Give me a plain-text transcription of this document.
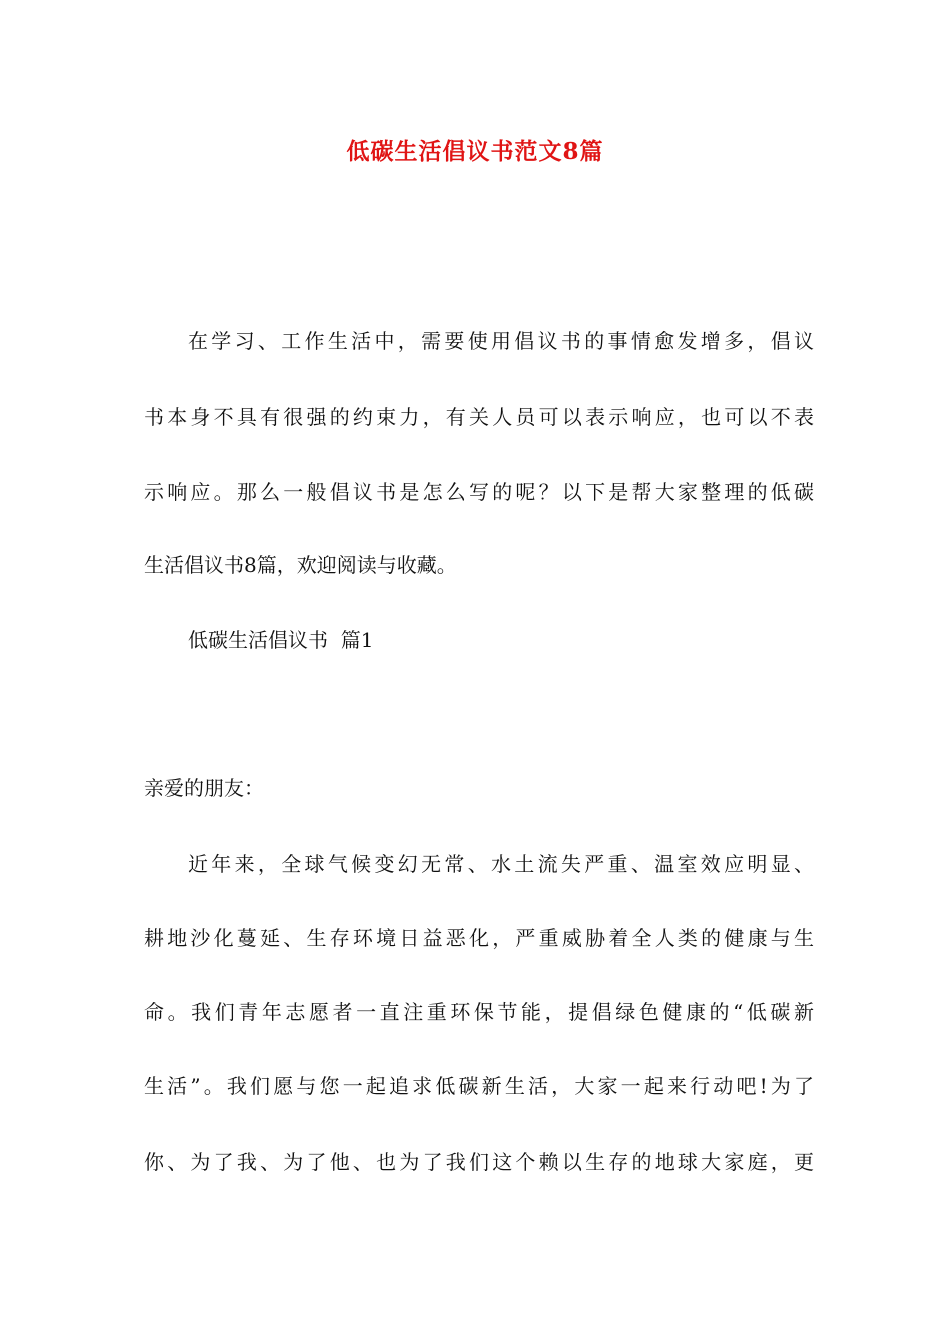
低碳生活倡议书范文8篇
在学习、工作生活中，需要使用倡议书的事情愈发增多，倡议
书本身不具有很强的约束力，有关人员可以表示响应，也可以不表
示响应。那么一般倡议书是怎么写的呢？以下是帮大家整理的低碳
生活倡议书8篇，欢迎阅读与收藏。
低碳生活倡议书  篇1
亲爱的朋友：
近年来，全球气候变幻无常、水土流失严重、温室效应明显、
耕地沙化蔓延、生存环境日益恶化，严重威胁着全人类的健康与生
命。我们青年志愿者一直注重环保节能，提倡绿色健康的“低碳新
生活”。我们愿与您一起追求低碳新生活，大家一起来行动吧!为了
你、为了我、为了他、也为了我们这个赖以生存的地球大家庭，更
